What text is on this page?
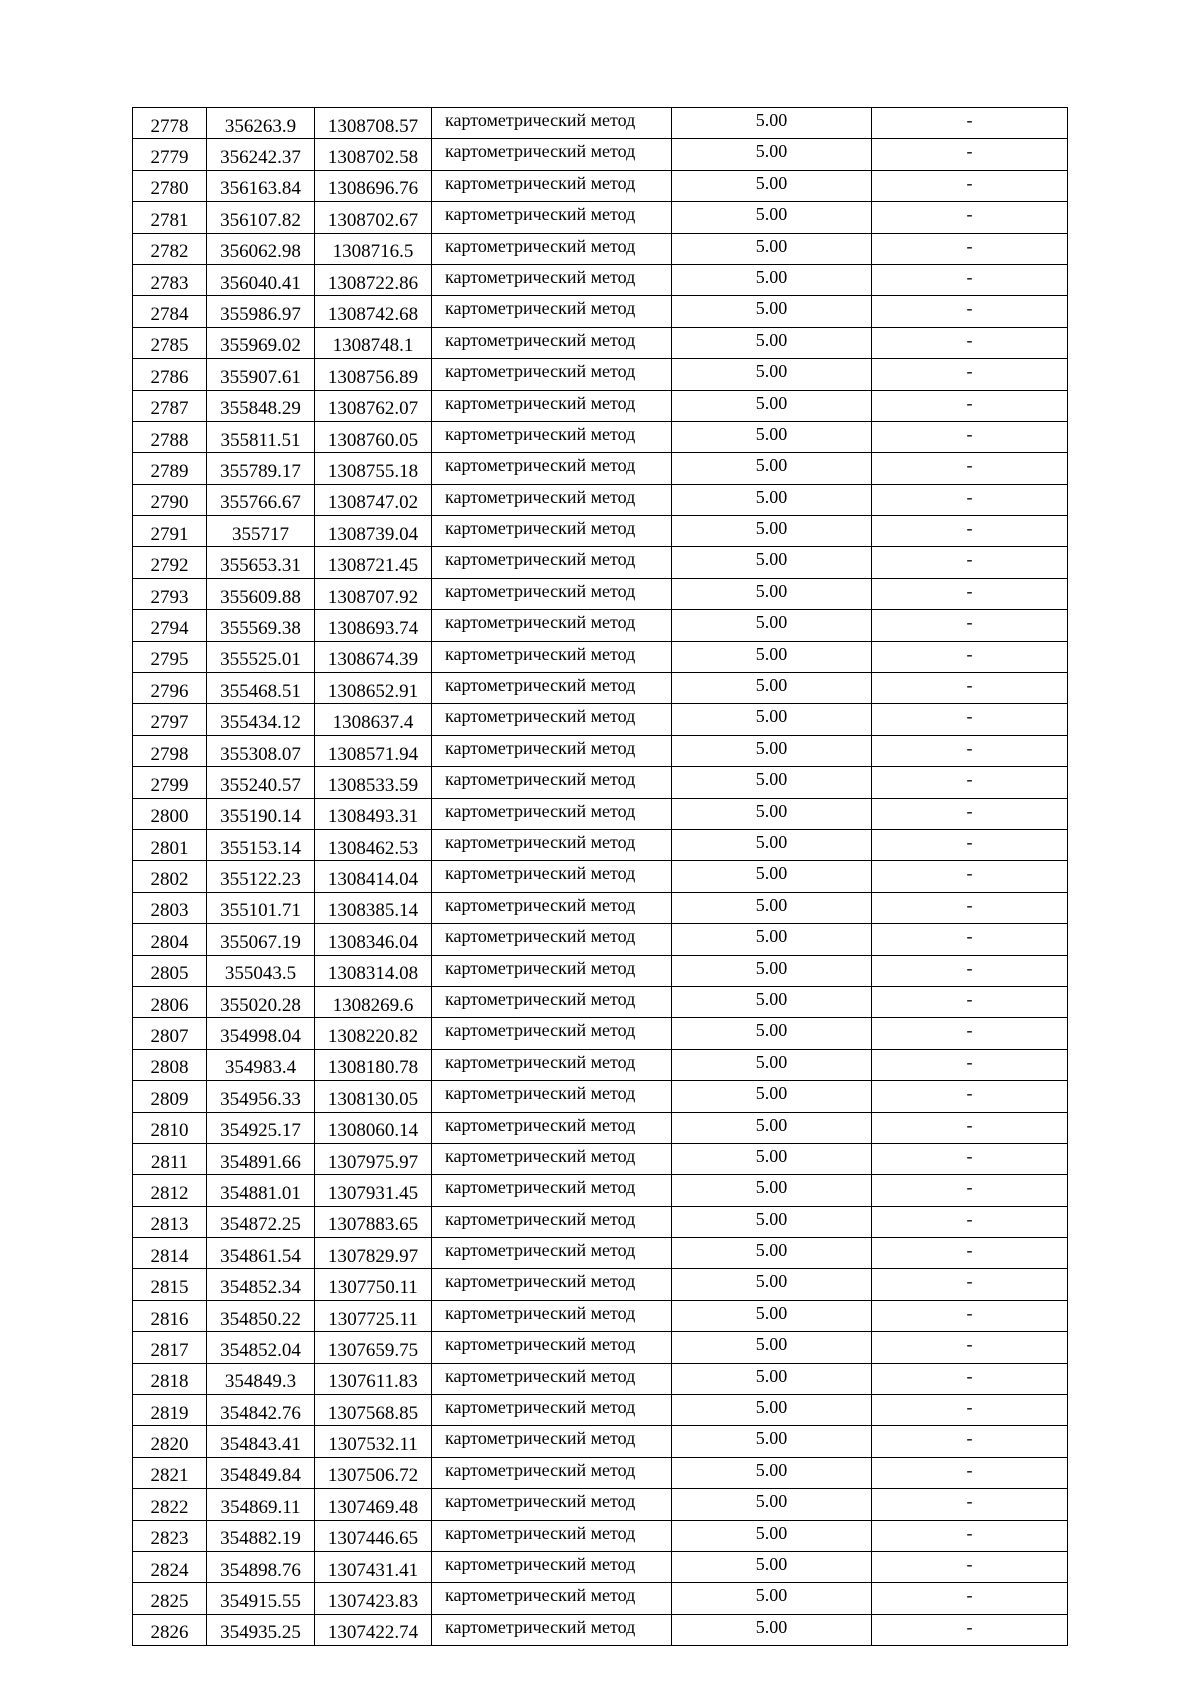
2778	356263.9	1308708.57	картометрический метод	5.00	-
2779	356242.37	1308702.58	картометрический метод	5.00	-
2780	356163.84	1308696.76	картометрический метод	5.00	-
2781	356107.82	1308702.67	картометрический метод	5.00	-
2782	356062.98	1308716.5	картометрический метод	5.00	-
2783	356040.41	1308722.86	картометрический метод	5.00	-
2784	355986.97	1308742.68	картометрический метод	5.00	-
2785	355969.02	1308748.1	картометрический метод	5.00	-
2786	355907.61	1308756.89	картометрический метод	5.00	-
2787	355848.29	1308762.07	картометрический метод	5.00	-
2788	355811.51	1308760.05	картометрический метод	5.00	-
2789	355789.17	1308755.18	картометрический метод	5.00	-
2790	355766.67	1308747.02	картометрический метод	5.00	-
2791	355717	1308739.04	картометрический метод	5.00	-
2792	355653.31	1308721.45	картометрический метод	5.00	-
2793	355609.88	1308707.92	картометрический метод	5.00	-
2794	355569.38	1308693.74	картометрический метод	5.00	-
2795	355525.01	1308674.39	картометрический метод	5.00	-
2796	355468.51	1308652.91	картометрический метод	5.00	-
2797	355434.12	1308637.4	картометрический метод	5.00	-
2798	355308.07	1308571.94	картометрический метод	5.00	-
2799	355240.57	1308533.59	картометрический метод	5.00	-
2800	355190.14	1308493.31	картометрический метод	5.00	-
2801	355153.14	1308462.53	картометрический метод	5.00	-
2802	355122.23	1308414.04	картометрический метод	5.00	-
2803	355101.71	1308385.14	картометрический метод	5.00	-
2804	355067.19	1308346.04	картометрический метод	5.00	-
2805	355043.5	1308314.08	картометрический метод	5.00	-
2806	355020.28	1308269.6	картометрический метод	5.00	-
2807	354998.04	1308220.82	картометрический метод	5.00	-
2808	354983.4	1308180.78	картометрический метод	5.00	-
2809	354956.33	1308130.05	картометрический метод	5.00	-
2810	354925.17	1308060.14	картометрический метод	5.00	-
2811	354891.66	1307975.97	картометрический метод	5.00	-
2812	354881.01	1307931.45	картометрический метод	5.00	-
2813	354872.25	1307883.65	картометрический метод	5.00	-
2814	354861.54	1307829.97	картометрический метод	5.00	-
2815	354852.34	1307750.11	картометрический метод	5.00	-
2816	354850.22	1307725.11	картометрический метод	5.00	-
2817	354852.04	1307659.75	картометрический метод	5.00	-
2818	354849.3	1307611.83	картометрический метод	5.00	-
2819	354842.76	1307568.85	картометрический метод	5.00	-
2820	354843.41	1307532.11	картометрический метод	5.00	-
2821	354849.84	1307506.72	картометрический метод	5.00	-
2822	354869.11	1307469.48	картометрический метод	5.00	-
2823	354882.19	1307446.65	картометрический метод	5.00	-
2824	354898.76	1307431.41	картометрический метод	5.00	-
2825	354915.55	1307423.83	картометрический метод	5.00	-
2826	354935.25	1307422.74	картометрический метод	5.00	-
